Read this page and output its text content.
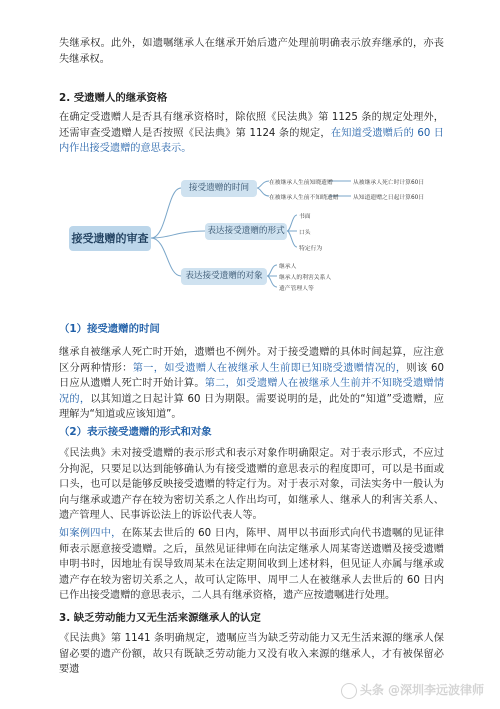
失继承权。此外，如遗嘱继承人在继承开始后遗产处理前明确表示放弃继承的，亦丧失继承权。
2. 受遗赠人的继承资格
在确定受遗赠人是否具有继承资格时，除依照《民法典》第 1125 条的规定处理外，还需审查受遗赠人是否按照《民法典》第 1124 条的规定，在知道受遗赠后的 60 日内作出接受遗赠的意思表示。
接受遗赠的审查
接受遗赠的时间	在被继承人生前知晓遗赠	从被继承人死亡时计算60日
在被继承人生前不知晓遗赠 从知道遗赠之日起计算60日
表达接受遗赠的形式
书面
口头
特定行为
表达接受遗赠的对象
继承人
继承人的利害关系人
遗产管理人等
（1）接受遗赠的时间
继承自被继承人死亡时开始，遗赠也不例外。对于接受遗赠的具体时间起算，应注意区分两种情形：第一，如受遗赠人在被继承人生前即已知晓受遗赠情况的，则该 60 日应从遗赠人死亡时开始计算。第二，如受遗赠人在被继承人生前并不知晓受遗赠情况的，以其知道之日起计算 60 日为期限。需要说明的是，此处的“知道”受遗赠，应理解为“知道或应该知道”。
（2）表示接受遗赠的形式和对象
《民法典》未对接受遗赠的表示形式和表示对象作明确限定。对于表示形式，不应过分拘泥，只要足以达到能够确认为有接受遗赠的意思表示的程度即可，可以是书面或口头，也可以是能够反映接受遗赠的特定行为。对于表示对象，司法实务中一般认为向与继承或遗产存在较为密切关系之人作出均可，如继承人、继承人的利害关系人、遗产管理人、民事诉讼法上的诉讼代表人等。
如案例四中，在陈某去世后的 60 日内，陈甲、周甲以书面形式向代书遗嘱的见证律师表示愿意接受遗赠。之后，虽然见证律师在向法定继承人周某寄送遗赠及接受遗赠申明书时，因地址有误导致周某未在法定期间收到上述材料，但见证人亦属与继承或遗产存在较为密切关系之人，故可认定陈甲、周甲二人在被继承人去世后的 60 日内已作出接受遗赠的意思表示，二人具有继承资格，遗产应按遗嘱进行处理。
3. 缺乏劳动能力又无生活来源继承人的认定
《民法典》第 1141 条明确规定，遗嘱应当为缺乏劳动能力又无生活来源的继承人保留必要的遗产份额，故只有既缺乏劳动能力又没有收入来源的继承人，才有被保留必要遗
头条 @深圳李远波律师
